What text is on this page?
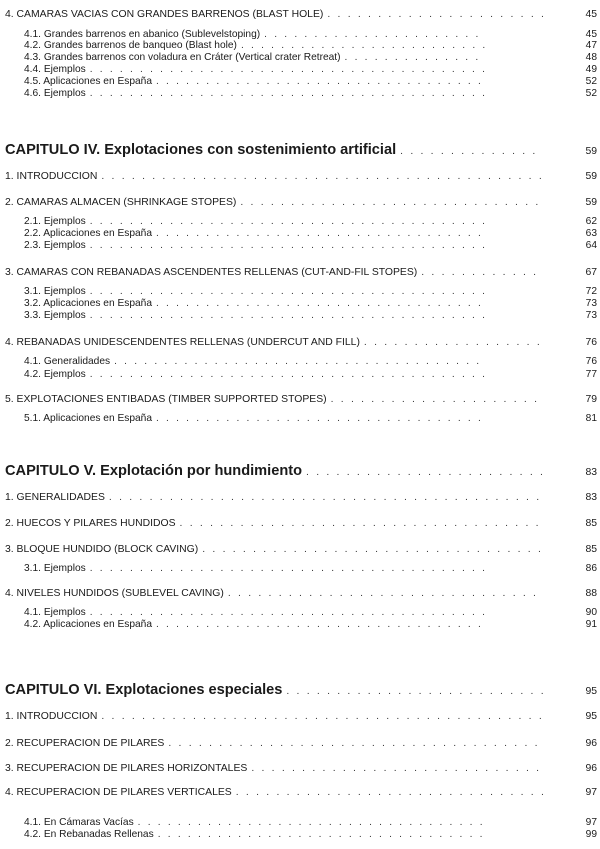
4. CAMARAS VACIAS CON GRANDES BARRENOS (BLAST HOLE) . . .	45
4.1. Grandes barrenos en abanico (Sublevelstoping) . . .	45
4.2. Grandes barrenos de banqueo (Blast hole) . . .	47
4.3. Grandes barrenos con voladura en Cráter (Vertical crater Retreat) . . .	48
4.4. Ejemplos . . .	49
4.5. Aplicaciones en España . . .	52
4.6. Ejemplos . . .	52
CAPITULO IV. Explotaciones con sostenimiento artificial . . .	59
1. INTRODUCCION . . .	59
2. CAMARAS ALMACEN (SHRINKAGE STOPES) . . .	59
2.1. Ejemplos . . .	62
2.2. Aplicaciones en España . . .	63
2.3. Ejemplos . . .	64
3. CAMARAS CON REBANADAS ASCENDENTES RELLENAS (CUT-AND-FIL STOPES) . . .	67
3.1. Ejemplos . . .	72
3.2. Aplicaciones en España . . .	73
3.3. Ejemplos . . .	73
4. REBANADAS UNIDESCENDENTES RELLENAS (UNDERCUT AND FILL) . . .	76
4.1. Generalidades . . .	76
4.2. Ejemplos . . .	77
5. EXPLOTACIONES ENTIBADAS (TIMBER SUPPORTED STOPES) . . .	79
5.1. Aplicaciones en España . . .	81
CAPITULO V. Explotación por hundimiento . . .	83
1. GENERALIDADES . . .	83
2. HUECOS Y PILARES HUNDIDOS . . .	85
3. BLOQUE HUNDIDO (BLOCK CAVING) . . .	85
3.1. Ejemplos . . .	86
4. NIVELES HUNDIDOS (SUBLEVEL CAVING) . . .	88
4.1. Ejemplos . . .	90
4.2. Aplicaciones en España . . .	91
CAPITULO VI. Explotaciones especiales . . .	95
1. INTRODUCCION . . .	95
2. RECUPERACION DE PILARES . . .	96
3. RECUPERACION DE PILARES HORIZONTALES . . .	96
4. RECUPERACION DE PILARES VERTICALES . . .	97
4.1. En Cámaras Vacías . . .	97
4.2. En Rebanadas Rellenas . . .	99
